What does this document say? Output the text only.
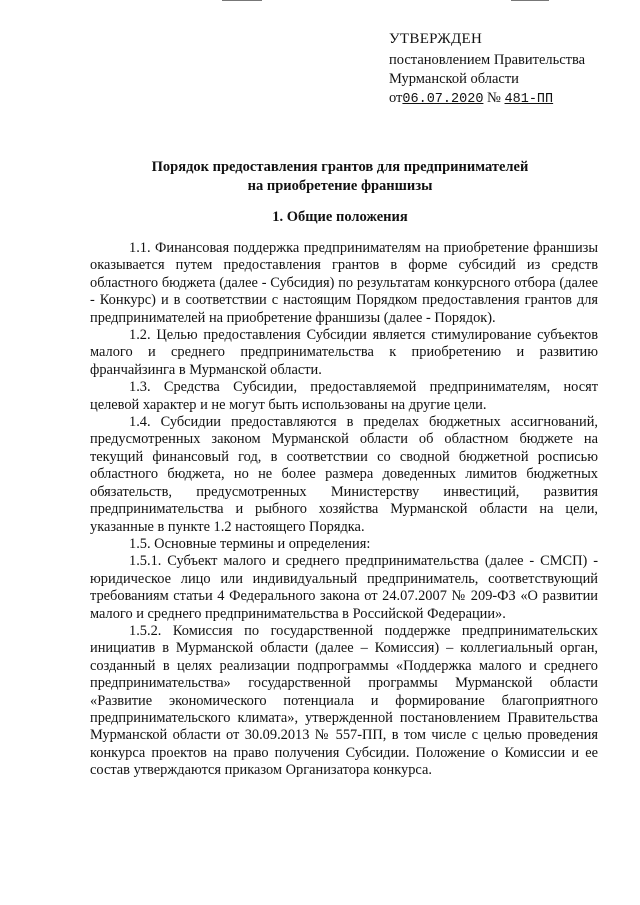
УТВЕРЖДЕН
постановлением Правительства
Мурманской области
от06.07.2020 № 481-ПП
Порядок предоставления грантов для предпринимателей
на приобретение франшизы
1. Общие положения

1.1. Финансовая поддержка предпринимателям на приобретение франшизы оказывается путем предоставления грантов в форме субсидий из средств областного бюджета (далее - Субсидия) по результатам конкурсного отбора (далее - Конкурс) и в соответствии с настоящим Порядком предоставления грантов для предпринимателей на приобретение франшизы (далее - Порядок).

1.2. Целью предоставления Субсидии является стимулирование субъектов малого и среднего предпринимательства к приобретению и развитию франчайзинга в Мурманской области.

1.3. Средства Субсидии, предоставляемой предпринимателям, носят целевой характер и не могут быть использованы на другие цели.

1.4. Субсидии предоставляются в пределах бюджетных ассигнований, предусмотренных законом Мурманской области об областном бюджете на текущий финансовый год, в соответствии со сводной бюджетной росписью областного бюджета, но не более размера доведенных лимитов бюджетных обязательств, предусмотренных Министерству инвестиций, развития предпринимательства и рыбного хозяйства Мурманской области на цели, указанные в пункте 1.2 настоящего Порядка.

1.5. Основные термины и определения:

1.5.1. Субъект малого и среднего предпринимательства (далее - СМСП) - юридическое лицо или индивидуальный предприниматель, соответствующий требованиям статьи 4 Федерального закона от 24.07.2007 № 209-ФЗ «О развитии малого и среднего предпринимательства в Российской Федерации».

1.5.2. Комиссия по государственной поддержке предпринимательских инициатив в Мурманской области (далее – Комиссия) – коллегиальный орган, созданный в целях реализации подпрограммы «Поддержка малого и среднего предпринимательства» государственной программы Мурманской области «Развитие экономического потенциала и формирование благоприятного предпринимательского климата», утвержденной постановлением Правительства Мурманской области от 30.09.2013 № 557-ПП, в том числе с целью проведения конкурса проектов на право получения Субсидии. Положение о Комиссии и ее состав утверждаются приказом Организатора конкурса.
